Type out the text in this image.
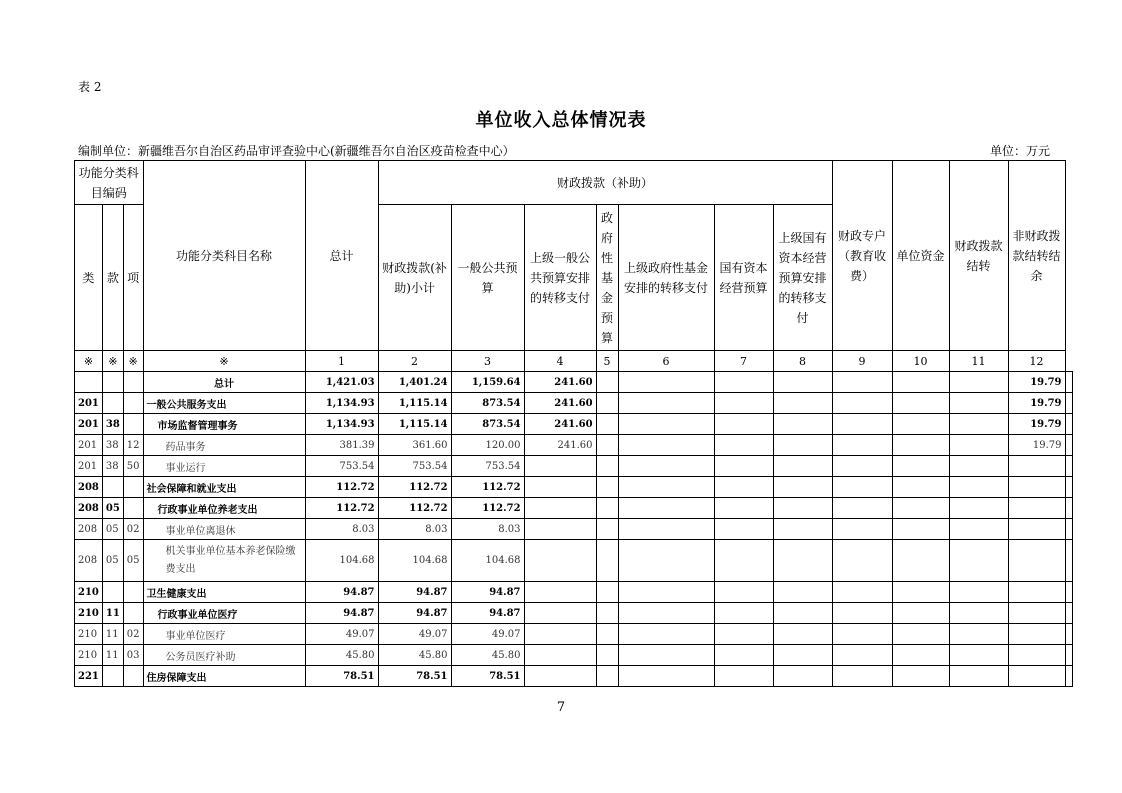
表 2
单位收入总体情况表
编制单位：新疆维吾尔自治区药品审评查验中心(新疆维吾尔自治区疫苗检查中心）	单位：万元
功能分类科目编码			功能分类科目名称	总计	财政拨款（补助）							财政专户（教育收费）	单位资金	财政拨款结转	非财政拨款结转结余	
类	款	项			财政拨款(补助)小计	一般公共预算	上级一般公共预算安排的转移支付	政府性基金预算	上级政府性基金安排的转移支付	国有资本经营预算	上级国有资本经营预算安排的转移支付					
※	※	※	※	1	2	3	4	5	6	7	8	9	10	11	12	
			总计	1,421.03	1,401.24	1,159.64	241.60								19.79	
201			一般公共服务支出	1,134.93	1,115.14	873.54	241.60								19.79	
201	38		市场监督管理事务	1,134.93	1,115.14	873.54	241.60								19.79	
201	38	12	药品事务	381.39	361.60	120.00	241.60								19.79	
201	38	50	事业运行	753.54	753.54	753.54										
208			社会保障和就业支出	112.72	112.72	112.72										
208	05		行政事业单位养老支出	112.72	112.72	112.72										
208	05	02	事业单位离退休	8.03	8.03	8.03										
208	05	05	机关事业单位基本养老保险缴费支出	104.68	104.68	104.68										
210			卫生健康支出	94.87	94.87	94.87										
210	11		行政事业单位医疗	94.87	94.87	94.87										
210	11	02	事业单位医疗	49.07	49.07	49.07										
210	11	03	公务员医疗补助	45.80	45.80	45.80										
221			住房保障支出	78.51	78.51	78.51										
7
